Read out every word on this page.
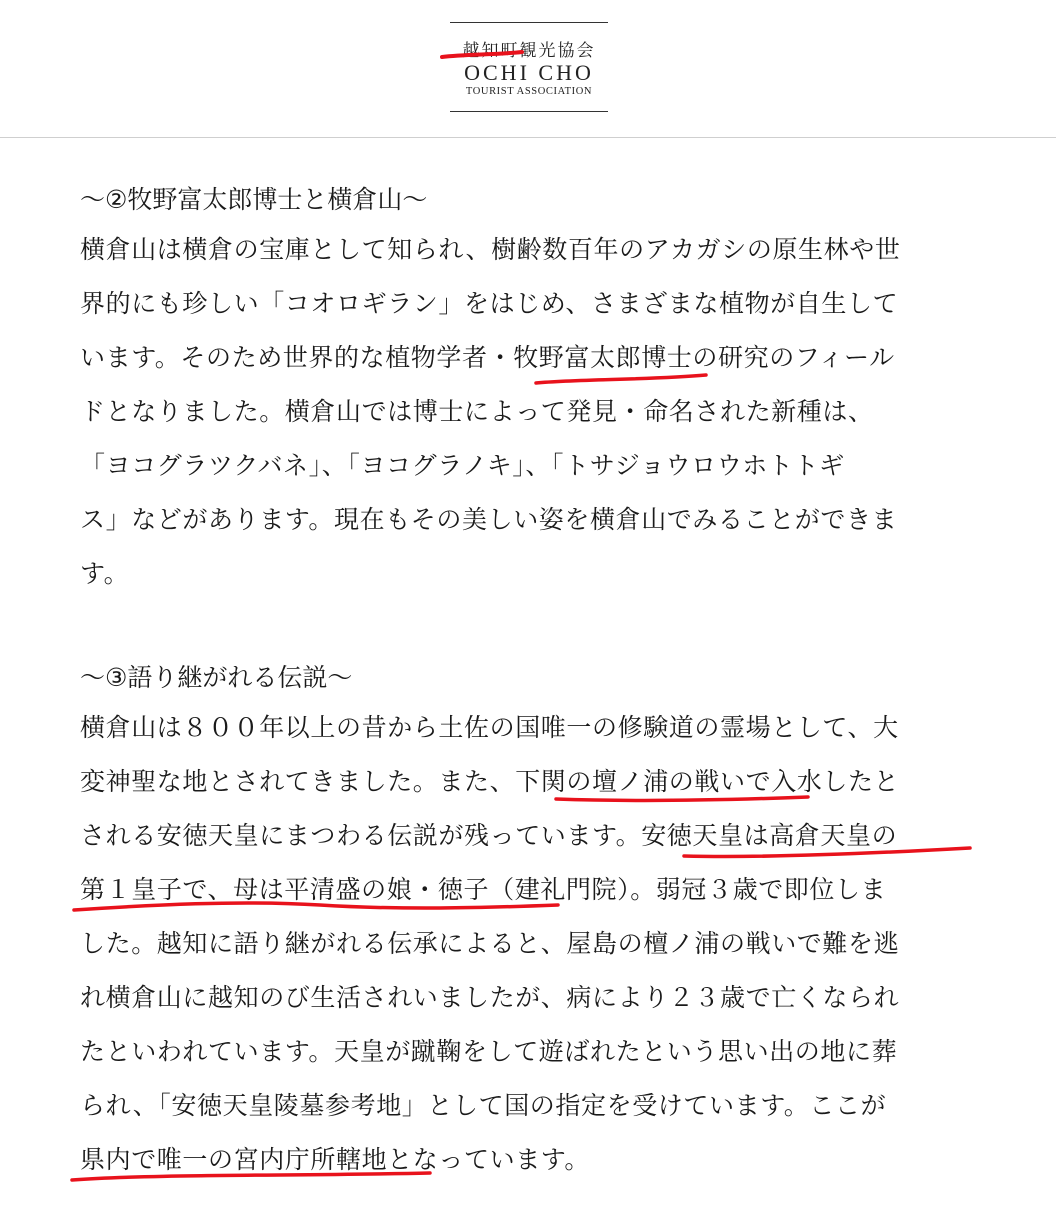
越知町観光協会
OCHI CHO
TOURIST ASSOCIATION
〜②牧野富太郎博士と横倉山〜
横倉山は横倉の宝庫として知られ、樹齢数百年のアカガシの原生林や世
界的にも珍しい「コオロギラン」をはじめ、さまざまな植物が自生して
います。そのため世界的な植物学者・牧野富太郎博士の研究のフィール
ドとなりました。横倉山では博士によって発見・命名された新種は、
「ヨコグラツクバネ」、「ヨコグラノキ」、「トサジョウロウホトトギ
ス」などがあります。現在もその美しい姿を横倉山でみることができま
す。
〜③語り継がれる伝説〜
横倉山は８００年以上の昔から土佐の国唯一の修験道の霊場として、大
変神聖な地とされてきました。また、下関の壇ノ浦の戦いで入水したと
される安徳天皇にまつわる伝説が残っています。安徳天皇は高倉天皇の
第１皇子で、母は平清盛の娘・徳子（建礼門院）。弱冠３歳で即位しま
した。越知に語り継がれる伝承によると、屋島の檀ノ浦の戦いで難を逃
れ横倉山に越知のび生活されいましたが、病により２３歳で亡くなられ
たといわれています。天皇が蹴鞠をして遊ばれたという思い出の地に葬
られ、「安徳天皇陵墓参考地」として国の指定を受けています。ここが
県内で唯一の宮内庁所轄地となっています。
